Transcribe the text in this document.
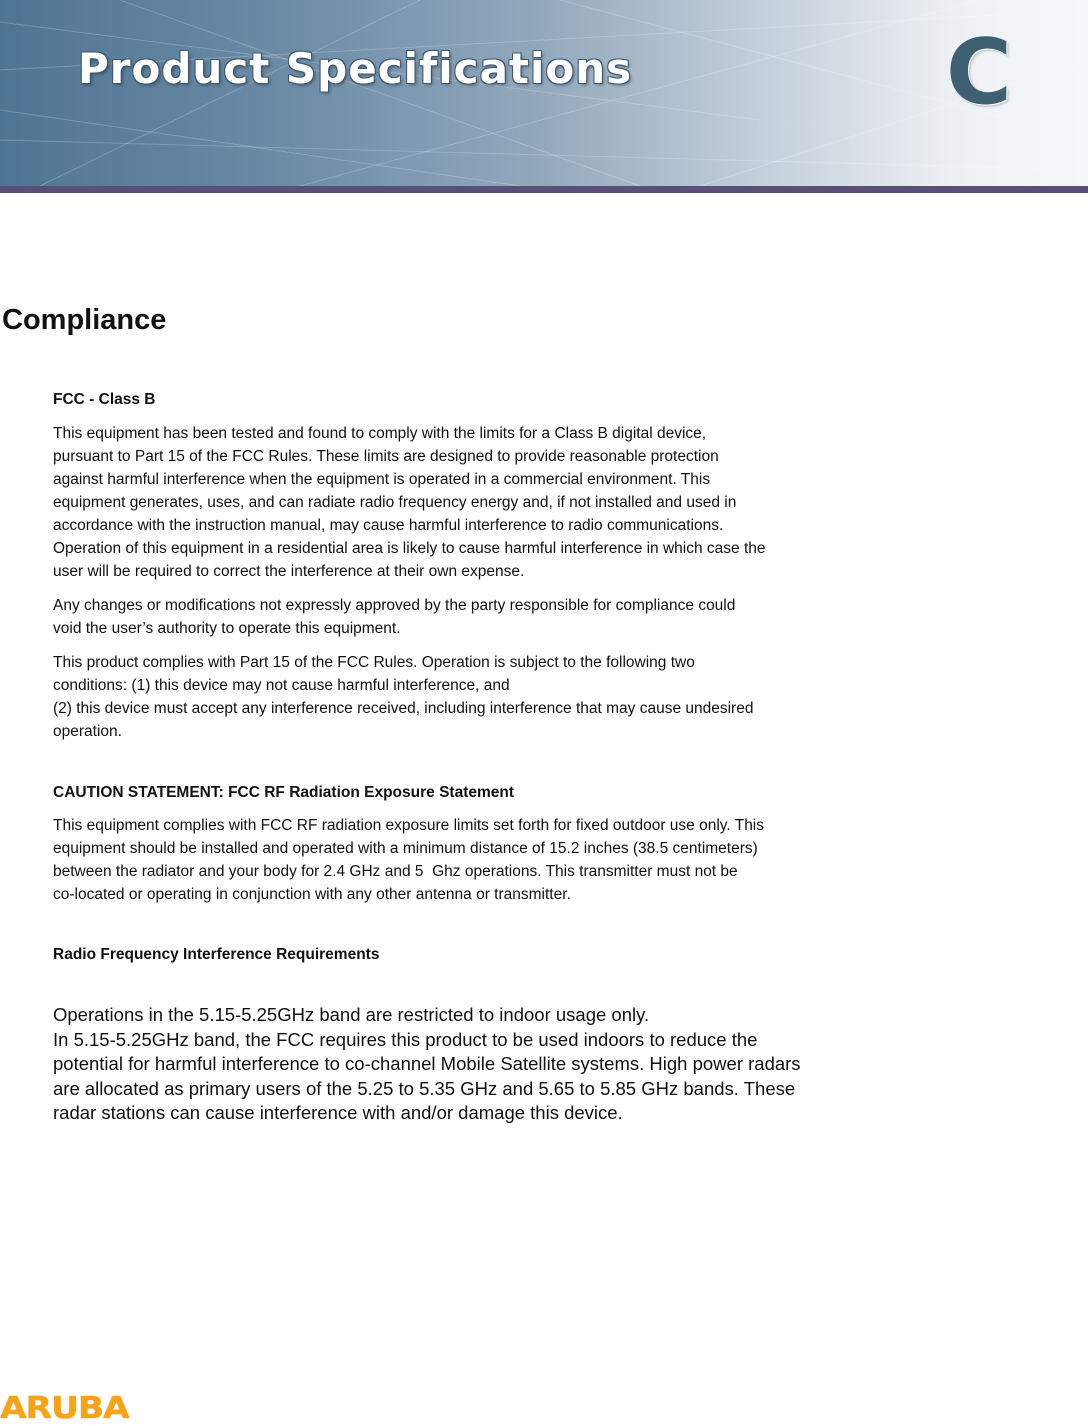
Product Specifications	C
Compliance

FCC - Class B

This equipment has been tested and found to comply with the limits for a Class B digital device,
pursuant to Part 15 of the FCC Rules. These limits are designed to provide reasonable protection
against harmful interference when the equipment is operated in a commercial environment. This
equipment generates, uses, and can radiate radio frequency energy and, if not installed and used in
accordance with the instruction manual, may cause harmful interference to radio communications.
Operation of this equipment in a residential area is likely to cause harmful interference in which case the
user will be required to correct the interference at their own expense.

Any changes or modifications not expressly approved by the party responsible for compliance could
void the user’s authority to operate this equipment.

This product complies with Part 15 of the FCC Rules. Operation is subject to the following two
conditions: (1) this device may not cause harmful interference, and
(2) this device must accept any interference received, including interference that may cause undesired
operation.

CAUTION STATEMENT: FCC RF Radiation Exposure Statement

This equipment complies with FCC RF radiation exposure limits set forth for fixed outdoor use only. This
equipment should be installed and operated with a minimum distance of 15.2 inches (38.5 centimeters)
between the radiator and your body for 2.4 GHz and 5  Ghz operations. This transmitter must not be
co-located or operating in conjunction with any other antenna or transmitter.

Radio Frequency Interference Requirements

Operations in the 5.15-5.25GHz band are restricted to indoor usage only.
In 5.15-5.25GHz band, the FCC requires this product to be used indoors to reduce the
potential for harmful interference to co-channel Mobile Satellite systems. High power radars
are allocated as primary users of the 5.25 to 5.35 GHz and 5.65 to 5.85 GHz bands. These
radar stations can cause interference with and/or damage this device.

ARUBA
